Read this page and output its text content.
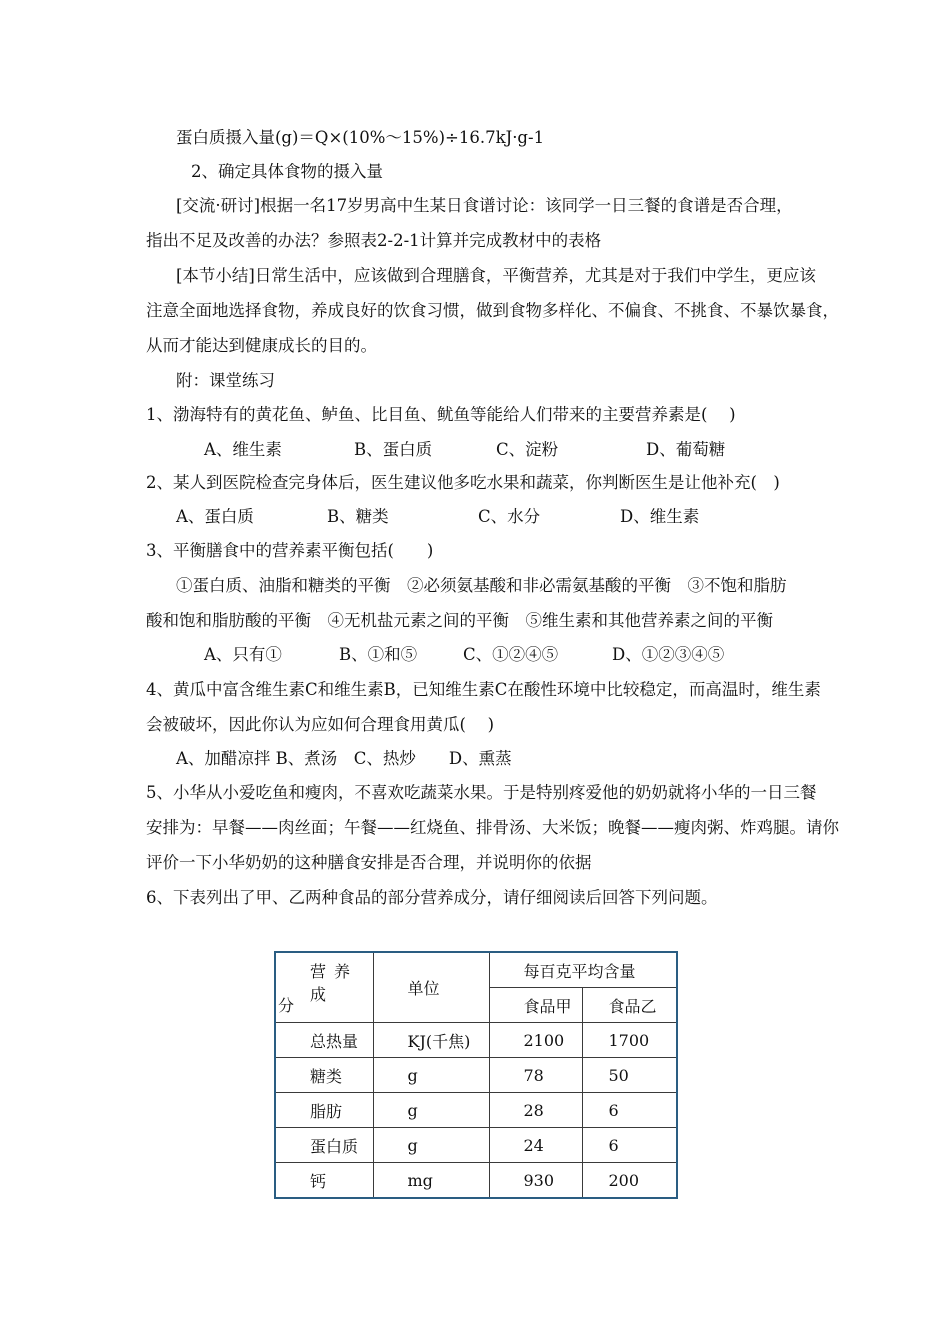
蛋白质摄入量(g)＝Q×(10%～15%)÷16.7kJ·g-1
2、确定具体食物的摄入量
[交流·研讨]根据一名17岁男高中生某日食谱讨论：该同学一日三餐的食谱是否合理，
指出不足及改善的办法？参照表2-2-1计算并完成教材中的表格
[本节小结]日常生活中，应该做到合理膳食，平衡营养，尤其是对于我们中学生，更应该
注意全面地选择食物，养成良好的饮食习惯，做到食物多样化、不偏食、不挑食、不暴饮暴食，
从而才能达到健康成长的目的。
附：课堂练习
1、渤海特有的黄花鱼、鲈鱼、比目鱼、鱿鱼等能给人们带来的主要营养素是(　 )
A、维生素	B、蛋白质	C、淀粉	D、葡萄糖
2、某人到医院检查完身体后，医生建议他多吃水果和蔬菜，你判断医生是让他补充(　)
A、蛋白质	B、糖类	C、水分	D、维生素
3、平衡膳食中的营养素平衡包括(　　)
①蛋白质、油脂和糖类的平衡　②必须氨基酸和非必需氨基酸的平衡　③不饱和脂肪
酸和饱和脂肪酸的平衡　④无机盐元素之间的平衡　⑤维生素和其他营养素之间的平衡
A、只有①	B、①和⑤	C、①②④⑤	D、①②③④⑤
4、黄瓜中富含维生素C和维生素B，已知维生素C在酸性环境中比较稳定，而高温时，维生素
会被破坏，因此你认为应如何合理食用黄瓜(　 )
A、加醋凉拌 B、煮汤　C、热炒　　D、熏蒸
5、小华从小爱吃鱼和瘦肉，不喜欢吃蔬菜水果。于是特别疼爱他的奶奶就将小华的一日三餐
安排为：早餐——肉丝面；午餐——红烧鱼、排骨汤、大米饭；晚餐——瘦肉粥、炸鸡腿。请你
评价一下小华奶奶的这种膳食安排是否合理，并说明你的依据
6、下表列出了甲、乙两种食品的部分营养成分，请仔细阅读后回答下列问题。
营养成
分	单位	每百克平均含量	
		食品甲	食品乙
总热量	KJ(千焦)	2100	1700
糖类	g	78	50
脂肪	g	28	6
蛋白质	g	24	6
钙	mg	930	200
